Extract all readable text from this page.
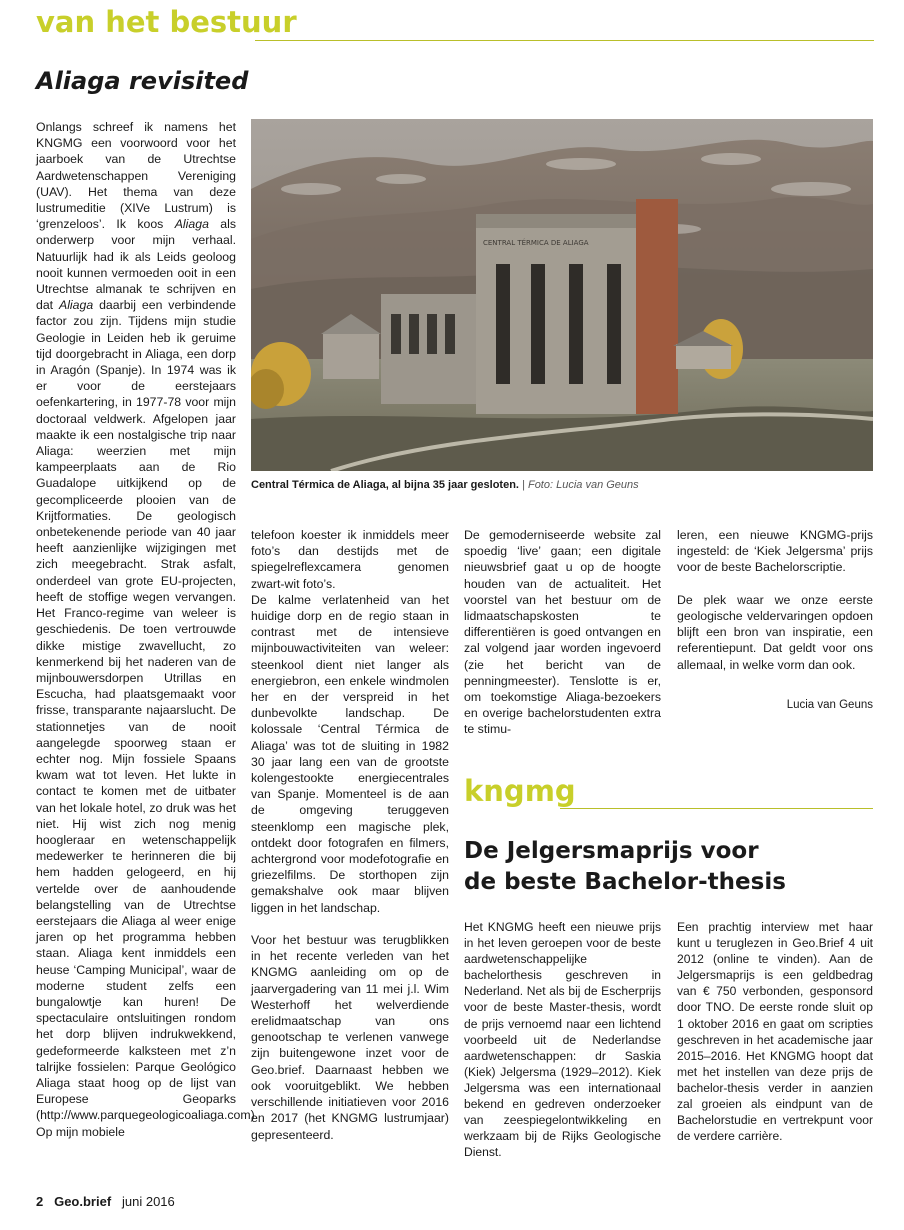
van het bestuur
Aliaga revisited
CENTRAL TÉRMICA DE ALIAGA
Central Térmica de Aliaga, al bijna 35 jaar gesloten. | Foto: Lucia van Geuns

Onlangs schreef ik namens het KNGMG een voorwoord voor het jaarboek van de Utrechtse Aardwetenschappen Vereniging (UAV). Het thema van deze lustrumeditie (XIVe Lustrum) is ‘grenzeloos’. Ik koos Aliaga als onderwerp voor mijn verhaal. Natuurlijk had ik als Leids geoloog nooit kunnen vermoeden ooit in een Utrechtse almanak te schrijven en dat Aliaga daarbij een verbindende factor zou zijn. Tijdens mijn studie Geologie in Leiden heb ik geruime tijd doorgebracht in Aliaga, een dorp in Aragón (Spanje). In 1974 was ik er voor de eerstejaars oefenkartering, in 1977-78 voor mijn doctoraal veldwerk. Afgelopen jaar maakte ik een nostalgische trip naar Aliaga: weerzien met mijn kampeerplaats aan de Rio Guadalope uitkijkend op de gecompliceerde plooien van de Krijtformaties. De geologisch onbetekenende periode van 40 jaar heeft aanzienlijke wijzigingen met zich meegebracht. Strak asfalt, onderdeel van grote EU-projecten, heeft de stoffige wegen vervangen. Het Franco-regime van weleer is geschiedenis. De toen vertrouwde dikke mistige zwavellucht, zo kenmerkend bij het naderen van de mijnbouwersdorpen Utrillas en Escucha, had plaatsgemaakt voor frisse, transparante najaarslucht. De stationnetjes van de nooit aangelegde spoorweg staan er echter nog. Mijn fossiele Spaans kwam wat tot leven. Het lukte in contact te komen met de uitbater van het lokale hotel, zo druk was het niet. Hij wist zich nog menig hoogleraar en wetenschappelijk medewerker te herinneren die bij hem hadden gelogeerd, en hij vertelde over de aanhoudende belangstelling van de Utrechtse eerstejaars die Aliaga al weer enige jaren op het programma hebben staan. Aliaga kent inmiddels een heuse ‘Camping Municipal’, waar de moderne student zelfs een bungalowtje kan huren! De spectaculaire ontsluitingen rondom het dorp blijven indrukwekkend, gedeformeerde kalksteen met z’n talrijke fossielen: Parque Geológico Aliaga staat hoog op de lijst van Europese Geoparks (http://www.parquegeologicoaliaga.com). Op mijn mobiele

telefoon koester ik inmiddels meer foto’s dan destijds met de spiegelreflexcamera genomen zwart-wit foto’s.

De kalme verlatenheid van het huidige dorp en de regio staan in contrast met de intensieve mijnbouwactiviteiten van weleer: steenkool dient niet langer als energiebron, een enkele windmolen her en der verspreid in het dunbevolkte landschap. De kolossale ‘Central Térmica de Aliaga’ was tot de sluiting in 1982 30 jaar lang een van de grootste kolengestookte energiecentrales van Spanje. Momenteel is de aan de omgeving teruggeven steenklomp een magische plek, ontdekt door fotografen en filmers, achtergrond voor modefotografie en griezelfilms. De storthopen zijn gemakshalve ook maar blijven liggen in het landschap.

Voor het bestuur was terugblikken in het recente verleden van het KNGMG aanleiding om op de jaarvergadering van 11 mei j.l. Wim Westerhoff het welverdiende erelidmaatschap van ons genootschap te verlenen vanwege zijn buitengewone inzet voor de Geo.brief. Daarnaast hebben we ook vooruitgeblikt. We hebben verschillende initiatieven voor 2016 en 2017 (het KNGMG lustrumjaar) gepresenteerd.

De gemoderniseerde website zal spoedig ‘live’ gaan; een digitale nieuwsbrief gaat u op de hoogte houden van de actualiteit. Het voorstel van het bestuur om de lidmaatschapskosten te differentiëren is goed ontvangen en zal volgend jaar worden ingevoerd (zie het bericht van de penningmeester). Tenslotte is er, om toekomstige Aliaga-bezoekers en overige bachelorstudenten extra te stimu-

leren, een nieuwe KNGMG-prijs ingesteld: de ‘Kiek Jelgersma’ prijs voor de beste Bachelorscriptie.

De plek waar we onze eerste geologische veldervaringen opdoen blijft een bron van inspiratie, een referentiepunt. Dat geldt voor ons allemaal, in welke vorm dan ook.

Lucia van Geuns
kngmg
De Jelgersmaprijs voor
de beste Bachelor-thesis

Het KNGMG heeft een nieuwe prijs in het leven geroepen voor de beste aardwetenschappelijke bachelorthesis geschreven in Nederland. Net als bij de Escherprijs voor de beste Master-thesis, wordt de prijs vernoemd naar een lichtend voorbeeld uit de Nederlandse aardwetenschappen: dr Saskia (Kiek) Jelgersma (1929–2012). Kiek Jelgersma was een internationaal bekend en gedreven onderzoeker van zeespiegelontwikkeling en werkzaam bij de Rijks Geologische Dienst.

Een prachtig interview met haar kunt u teruglezen in Geo.Brief 4 uit 2012 (online te vinden). Aan de Jelgersmaprijs is een geldbedrag van € 750 verbonden, gesponsord door TNO. De eerste ronde sluit op 1 oktober 2016 en gaat om scripties geschreven in het academische jaar 2015–2016. Het KNGMG hoopt dat met het instellen van deze prijs de bachelor-thesis verder in aanzien zal groeien als eindpunt van de Bachelorstudie en vertrekpunt voor de verdere carrière.

2 Geo.brief juni 2016
